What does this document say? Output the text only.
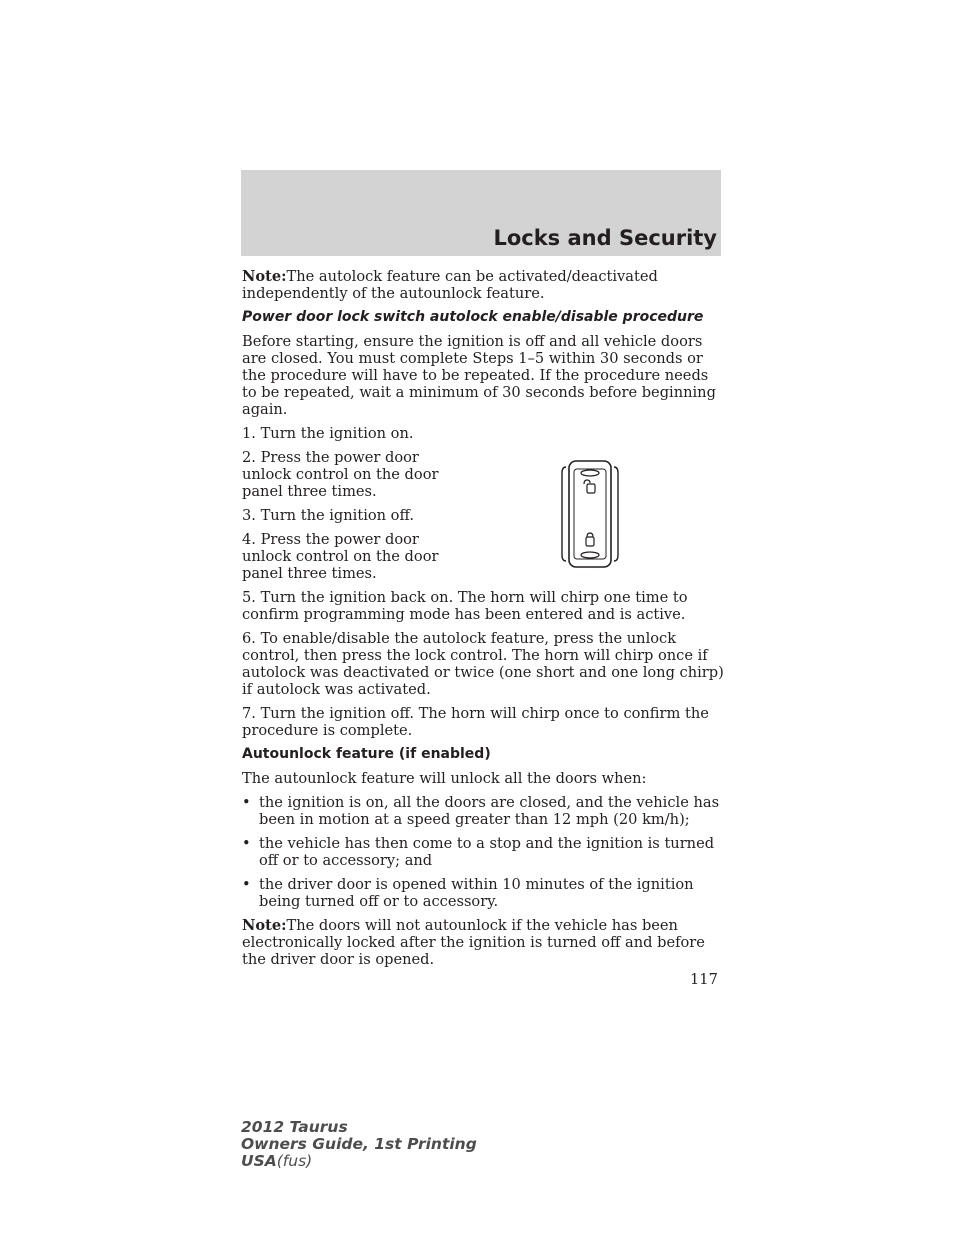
Locks and Security

Note:The autolock feature can be activated/deactivated independently of the autounlock feature.

Power door lock switch autolock enable/disable procedure

Before starting, ensure the ignition is off and all vehicle doors are closed. You must complete Steps 1–5 within 30 seconds or the procedure will have to be repeated. If the procedure needs to be repeated, wait a minimum of 30 seconds before beginning again.

1. Turn the ignition on.

2. Press the power door unlock control on the door panel three times.

3. Turn the ignition off.

4. Press the power door unlock control on the door panel three times.

5. Turn the ignition back on. The horn will chirp one time to confirm programming mode has been entered and is active.

6. To enable/disable the autolock feature, press the unlock control, then press the lock control. The horn will chirp once if autolock was deactivated or twice (one short and one long chirp) if autolock was activated.

7. Turn the ignition off. The horn will chirp once to confirm the procedure is complete.

Autounlock feature (if enabled)

The autounlock feature will unlock all the doors when:

• the ignition is on, all the doors are closed, and the vehicle has been in motion at a speed greater than 12 mph (20 km/h);
• the vehicle has then come to a stop and the ignition is turned off or to accessory; and
• the driver door is opened within 10 minutes of the ignition being turned off or to accessory.

Note:The doors will not autounlock if the vehicle has been electronically locked after the ignition is turned off and before the driver door is opened.

117
2012 Taurus
Owners Guide, 1st Printing
USA(fus)
